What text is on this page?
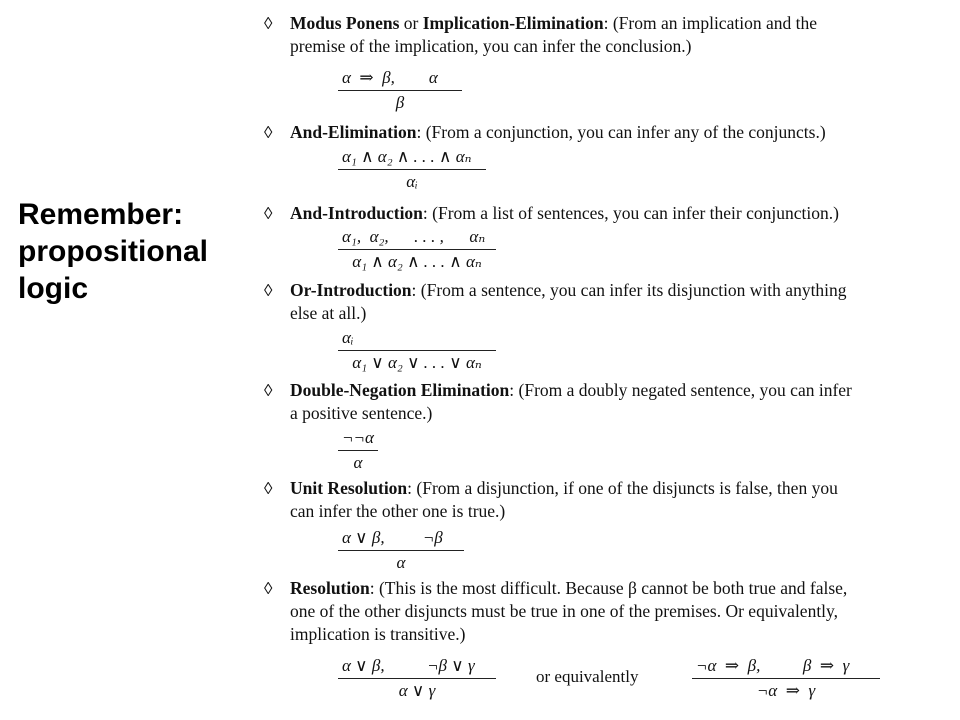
Remember:
propositional
logic
◊ Modus Ponens or Implication-Elimination: (From an implication and the
premise of the implication, you can infer the conclusion.)
$\frac{\alpha \Rightarrow \beta, \alpha}{\beta}$
◊ And-Elimination: (From a conjunction, you can infer any of the conjuncts.)
$\frac{\text{α₁ ∧ α₂ ∧ . . . ∧ αₙ}}{\text{αᵢ}}$
◊ And-Introduction: (From a list of sentences, you can infer their conjunction.)
$\frac{\text{α₁,  α₂,      . . . ,      αₙ}}{\text{α₁ ∧ α₂ ∧ . . . ∧ αₙ}}$
◊ Or-Introduction: (From a sentence, you can infer its disjunction with anything
else at all.)
$\frac{\text{αᵢ}}{\text{α₁ ∨ α₂ ∨ . . . ∨ αₙ}}$
◊ Double-Negation Elimination: (From a doubly negated sentence, you can infer
a positive sentence.)
$\frac{\neg\neg\alpha}{\alpha}$
◊ Unit Resolution: (From a disjunction, if one of the disjuncts is false, then you
can infer the other one is true.)
$\frac{\alpha \vee \beta, \neg\beta}{\alpha}$
◊ Resolution: (This is the most difficult. Because β cannot be both true and false,
one of the other disjuncts must be true in one of the premises. Or equivalently,
implication is transitive.)
$\frac{\alpha \vee \beta, \neg\beta \vee \gamma}{\alpha \vee \gamma}$ or equivalently	$\frac{\neg\alpha \Rightarrow \beta, \beta \Rightarrow \gamma}{\neg\alpha \Rightarrow \gamma}$
